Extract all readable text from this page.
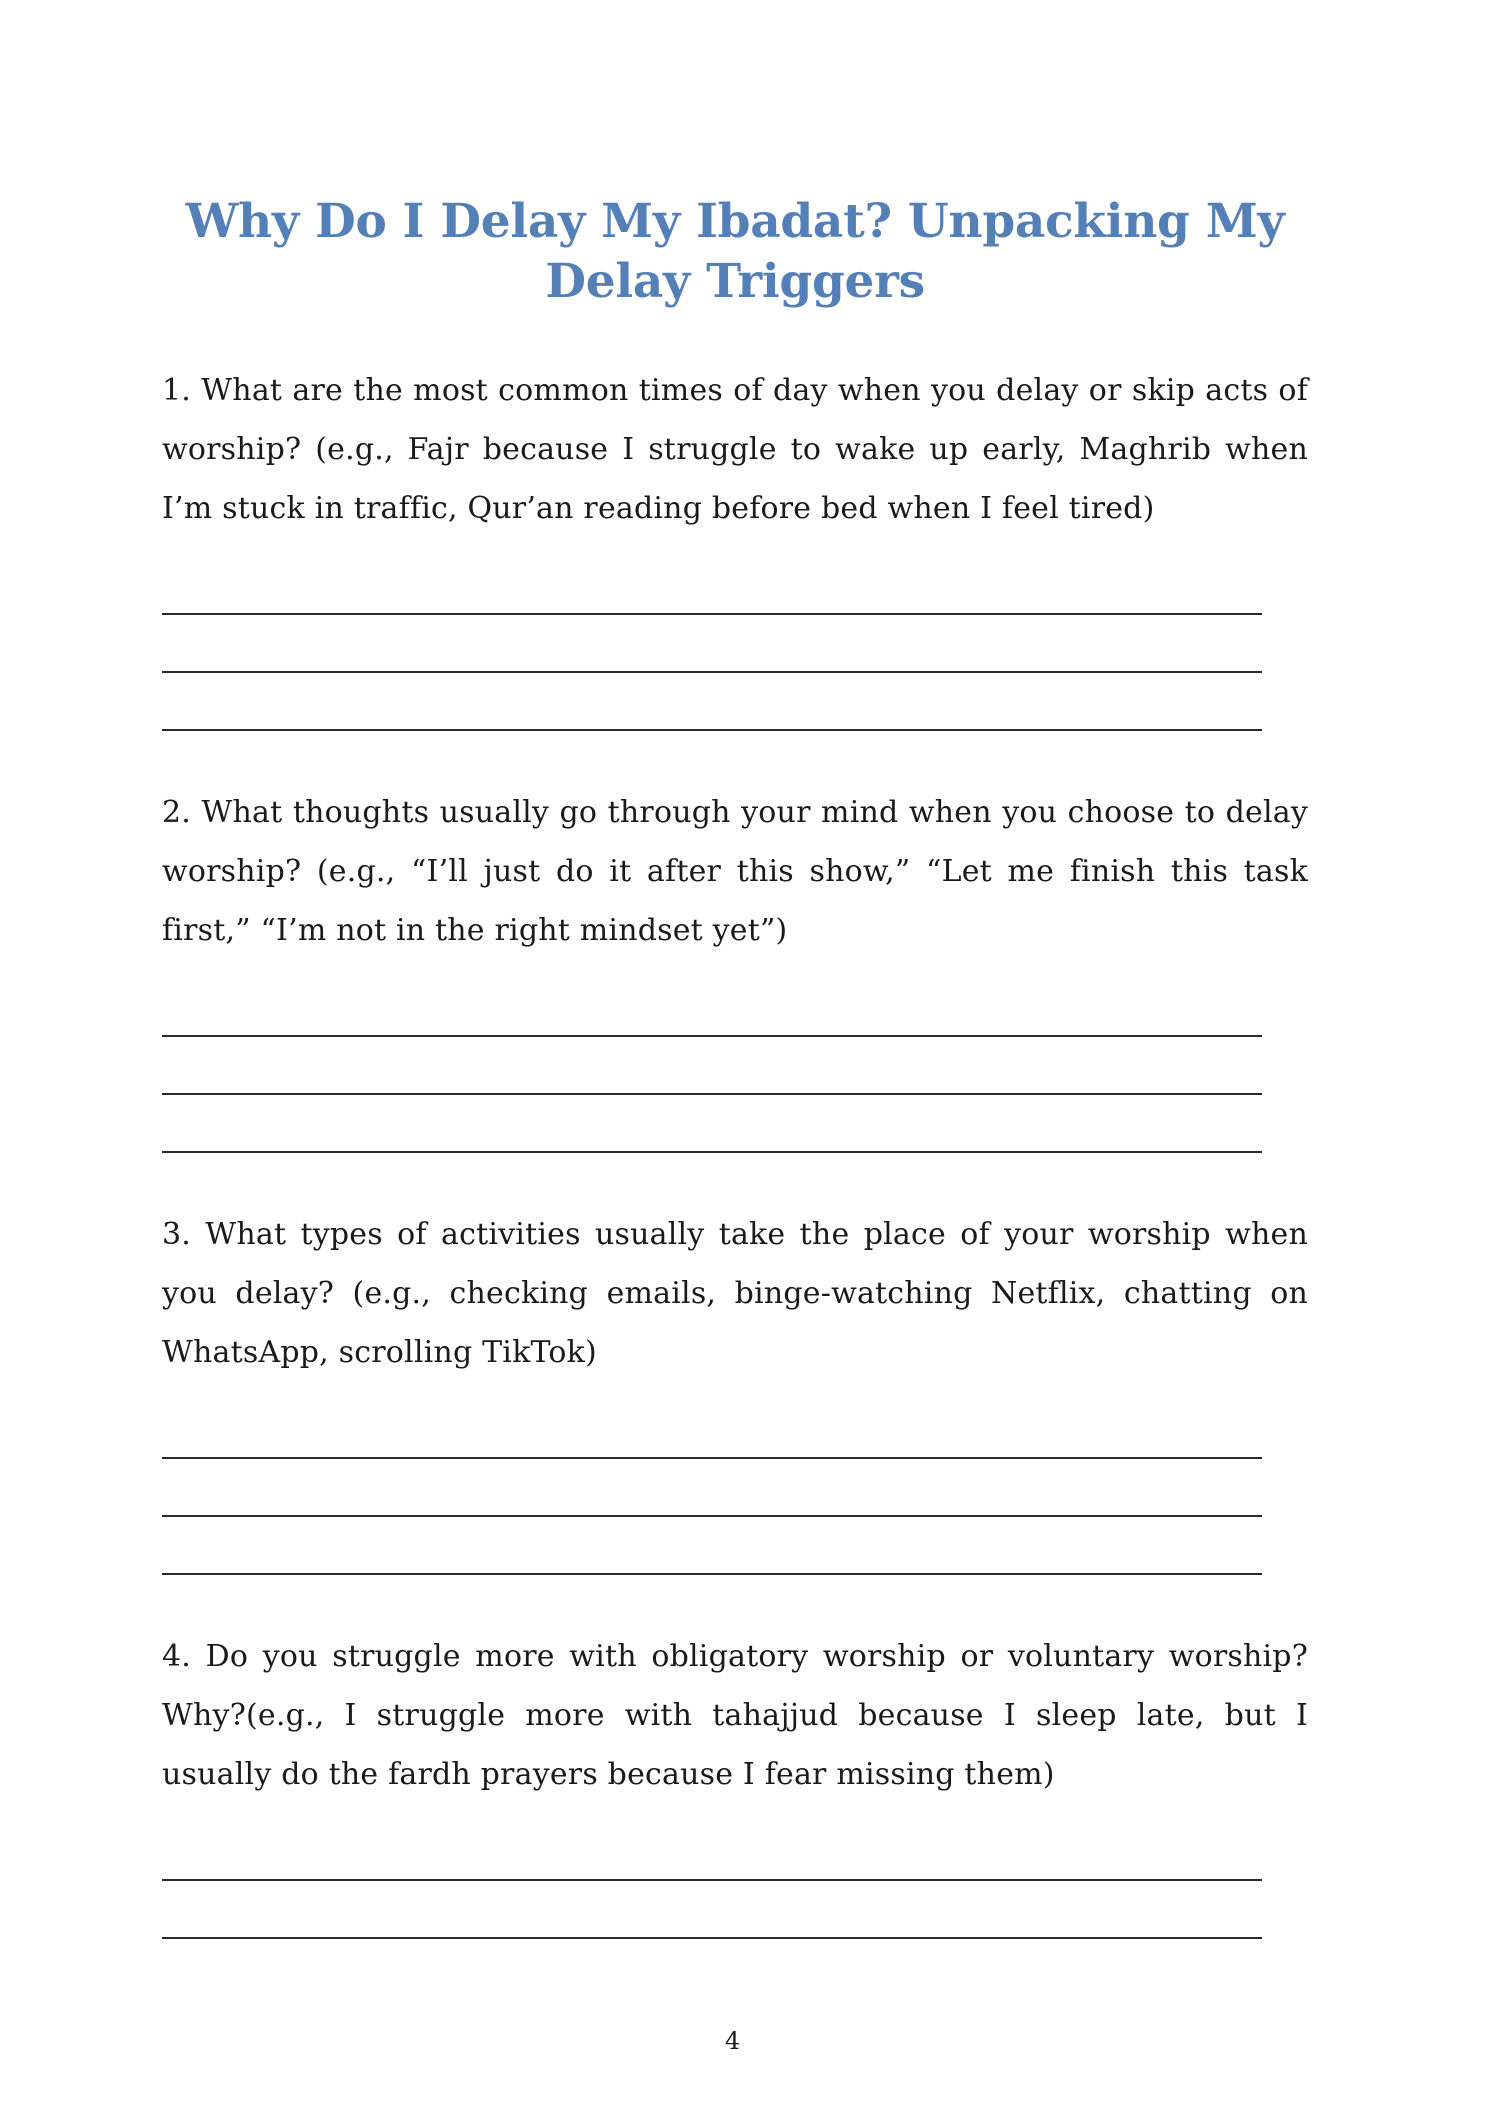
Why Do I Delay My Ibadat? Unpacking My Delay Triggers

1. What are the most common times of day when you delay or skip acts of worship? (e.g., Fajr because I struggle to wake up early, Maghrib when I’m stuck in traffic, Qur’an reading before bed when I feel tired)

2. What thoughts usually go through your mind when you choose to delay worship? (e.g., “I’ll just do it after this show,” “Let me finish this task first,” “I’m not in the right mindset yet”)

3. What types of activities usually take the place of your worship when you delay? (e.g., checking emails, binge-watching Netflix, chatting on WhatsApp, scrolling TikTok)

4. Do you struggle more with obligatory worship or voluntary worship? Why?(e.g., I struggle more with tahajjud because I sleep late, but I usually do the fardh prayers because I fear missing them)

4
